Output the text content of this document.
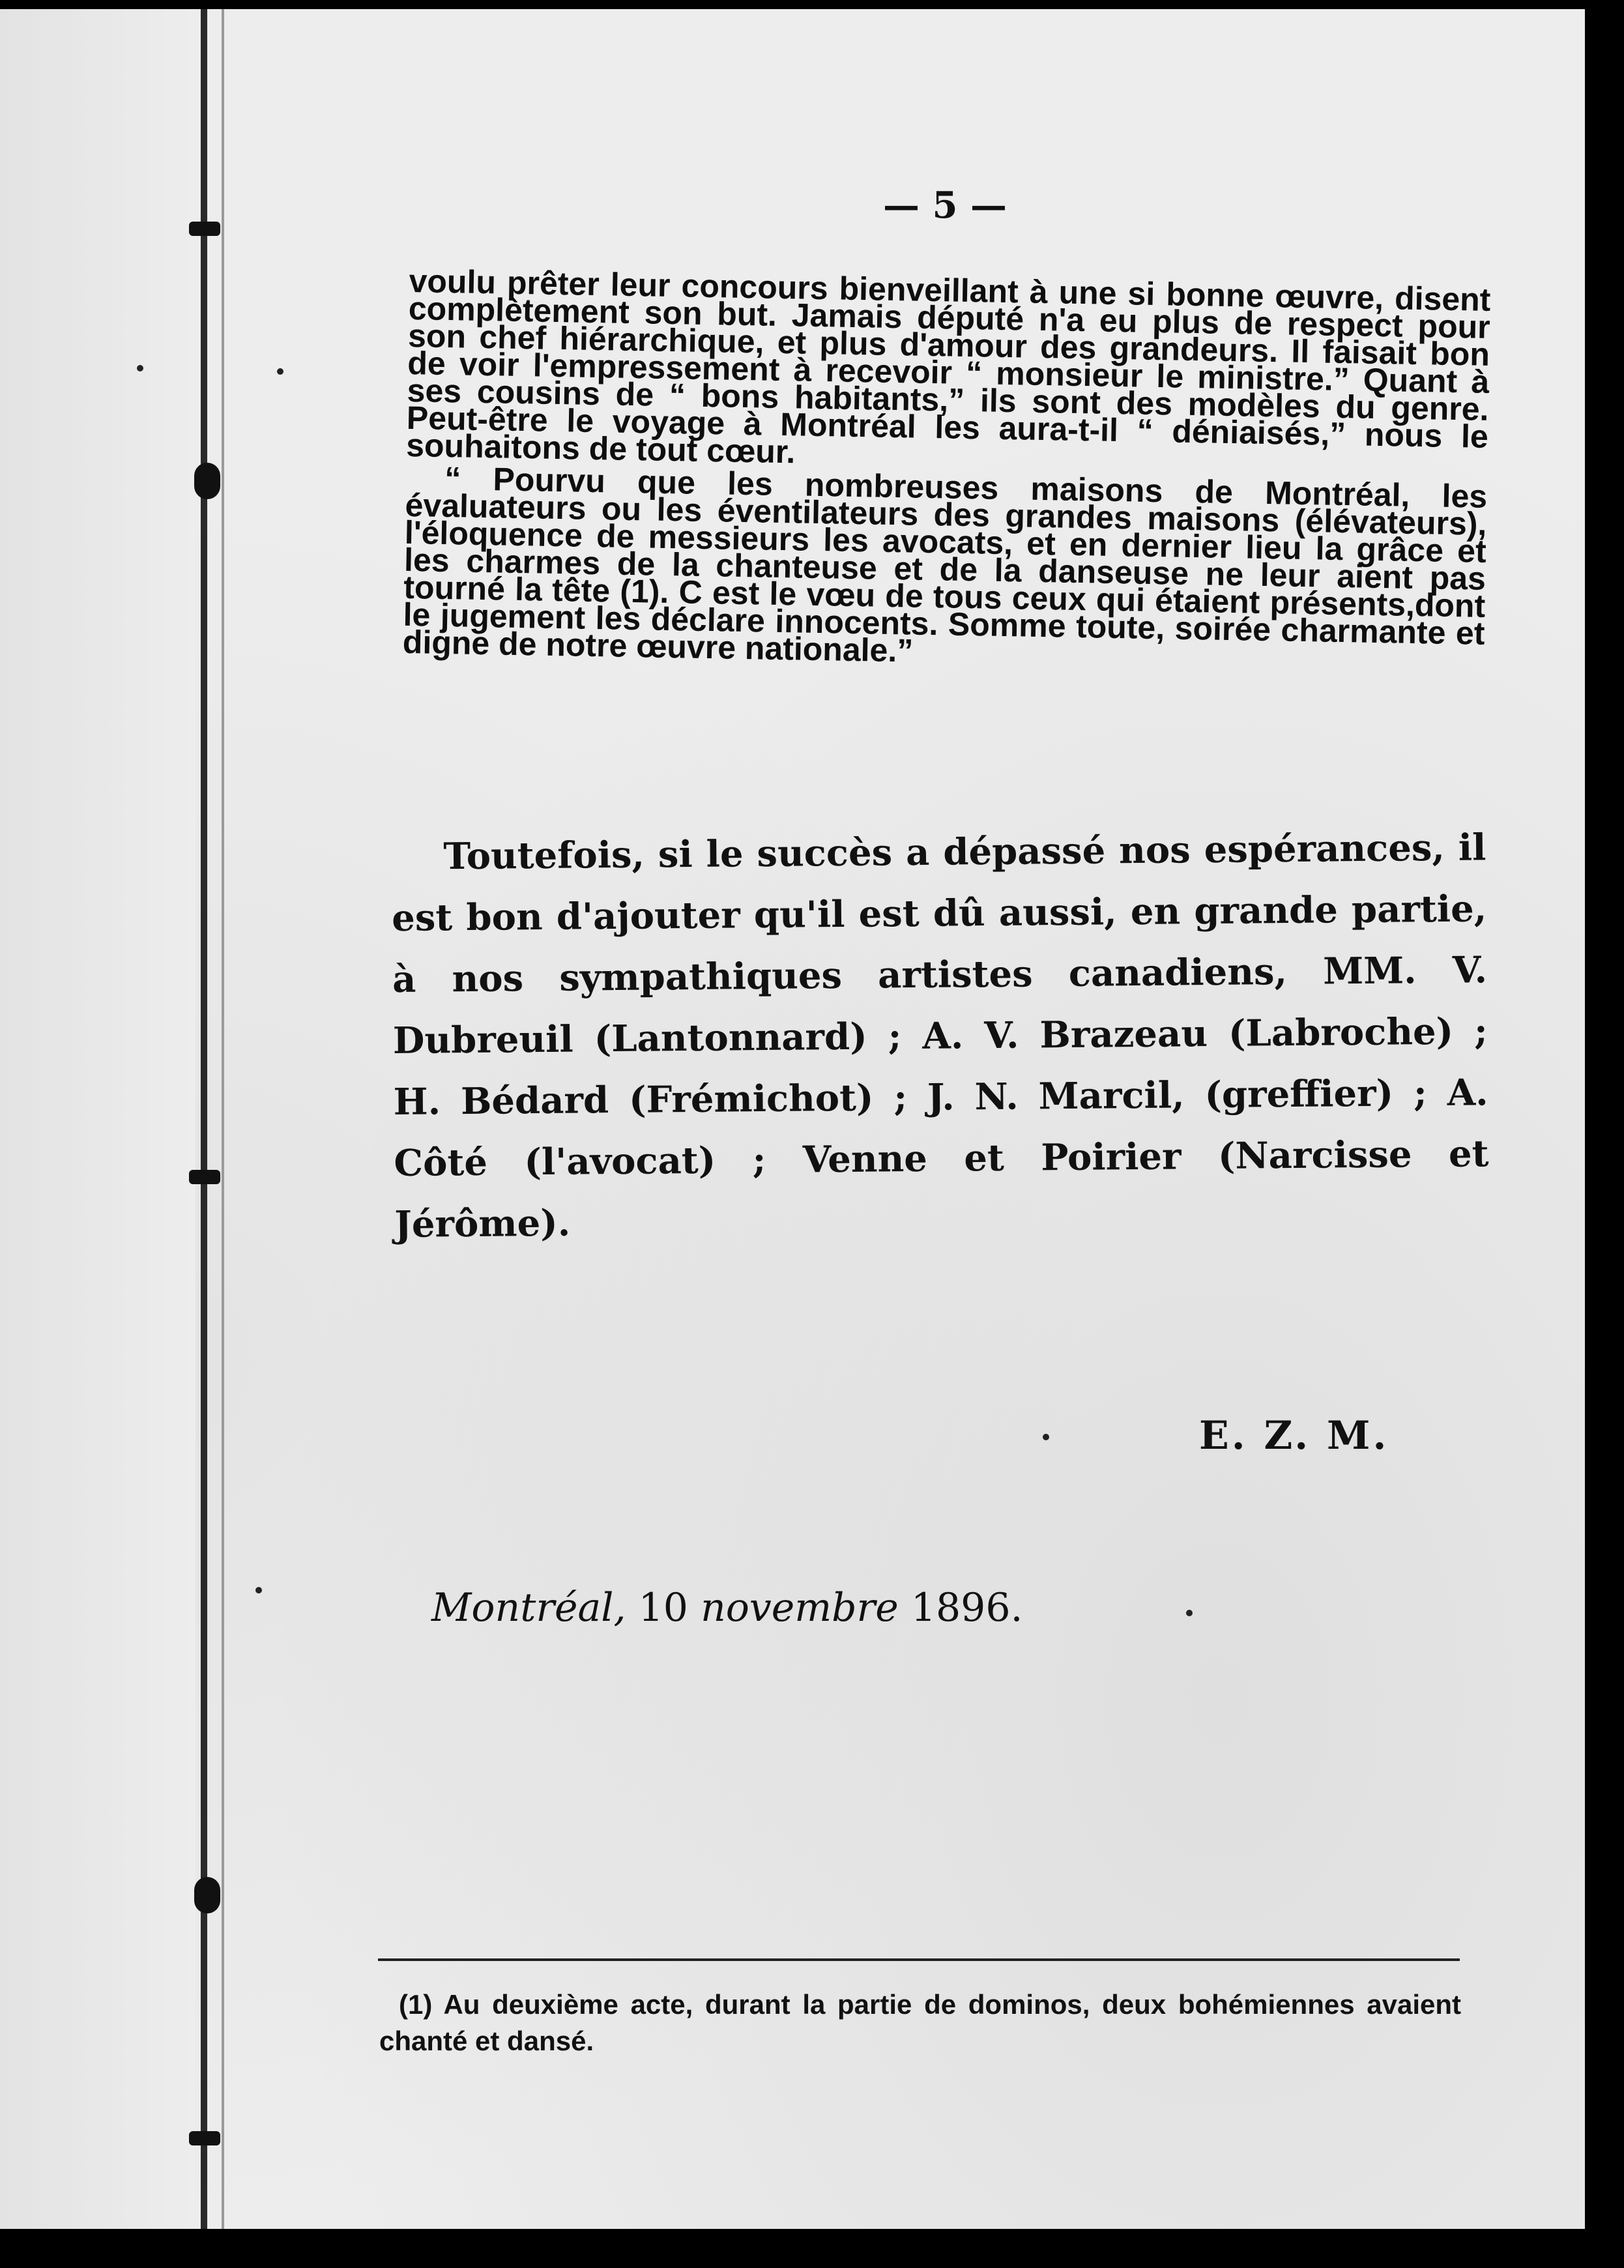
— 5 —

voulu prêter leur concours bienveillant à une si bonne œuvre, disent complètement son but. Jamais député n'a eu plus de respect pour son chef hiérarchique, et plus d'amour des grandeurs. Il faisait bon de voir l'empressement à recevoir “ monsieur le ministre.” Quant à ses cousins de “ bons habitants,” ils sont des modèles du genre. Peut-être le voyage à Montréal les aura-t-il “ déniaisés,” nous le souhaitons de tout cœur.

“ Pourvu que les nombreuses maisons de Montréal, les évaluateurs ou les éventilateurs des grandes maisons (élévateurs), l'éloquence de messieurs les avocats, et en dernier lieu la grâce et les charmes de la chanteuse et de la danseuse ne leur aient pas tourné la tête (1). C est le vœu de tous ceux qui étaient présents,dont le jugement les déclare innocents. Somme toute, soirée charmante et digne de notre œuvre nationale.”

Toutefois, si le succès a dépassé nos espérances, il est bon d'ajouter qu'il est dû aussi, en grande partie, à nos sympathiques artistes canadiens, MM. V. Dubreuil (Lantonnard) ; A. V. Brazeau (Labroche) ; H. Bédard (Frémichot) ; J. N. Marcil, (greffier) ; A. Côté (l'avocat) ; Venne et Poirier (Narcisse et Jérôme).
E. Z. M.
Montréal, 10 novembre 1896.
(1) Au deuxième acte, durant la partie de dominos, deux bohémiennes avaient chanté et dansé.
